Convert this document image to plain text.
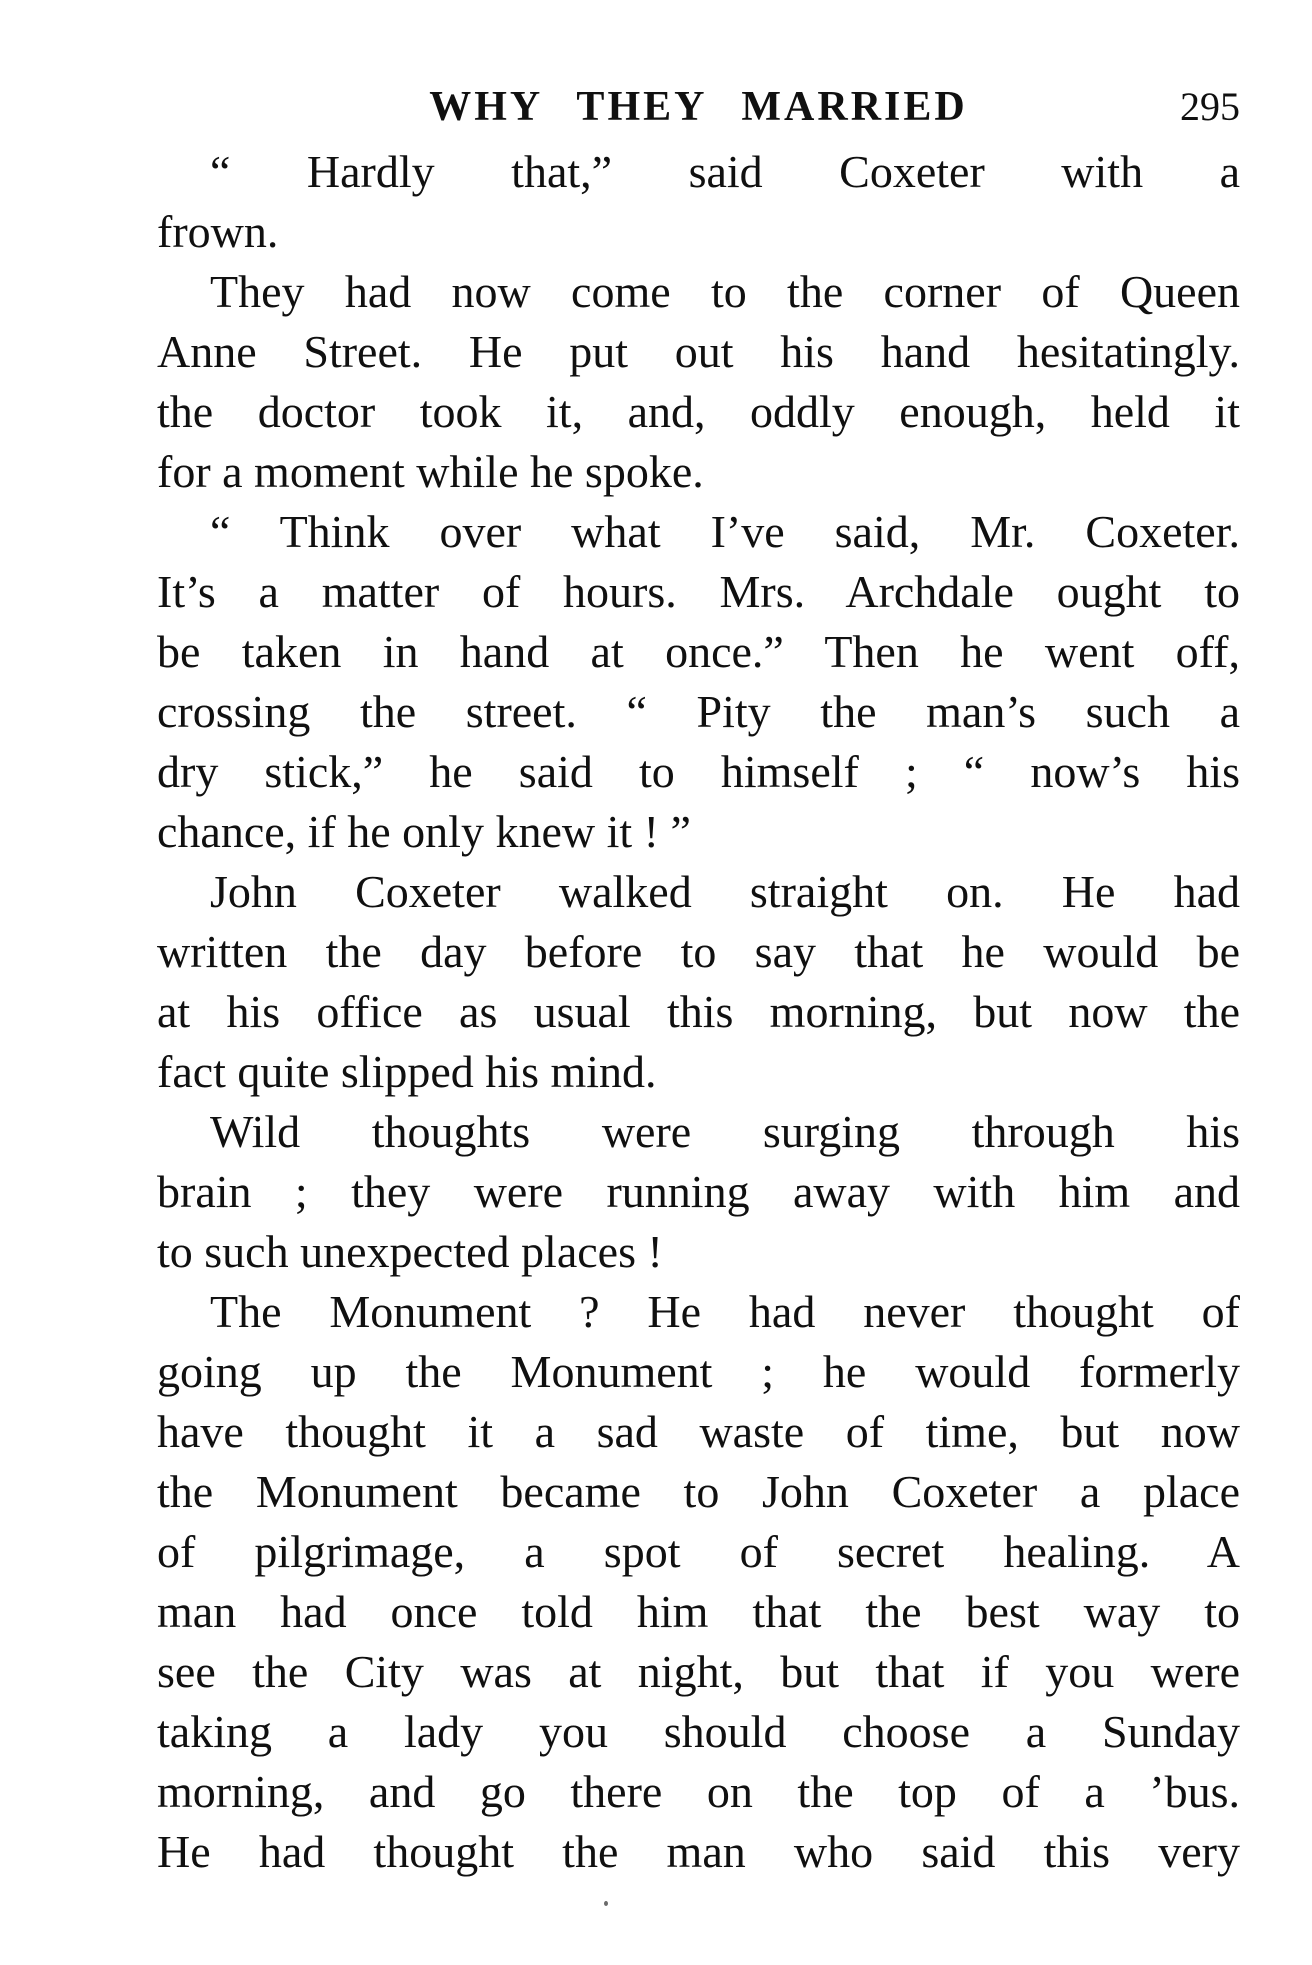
WHY THEY MARRIED	295
“ Hardly that,” said Coxeter with a
frown.
They had now come to the corner of Queen
Anne Street. He put out his hand hesitatingly.
the doctor took it, and, oddly enough, held it
for a moment while he spoke.
“ Think over what I’ve said, Mr. Coxeter.
It’s a matter of hours. Mrs. Archdale ought to
be taken in hand at once.” Then he went off,
crossing the street. “ Pity the man’s such a
dry stick,” he said to himself ; “ now’s his
chance, if he only knew it ! ”
John Coxeter walked straight on. He had
written the day before to say that he would be
at his office as usual this morning, but now the
fact quite slipped his mind.
Wild thoughts were surging through his
brain ; they were running away with him and
to such unexpected places !
The Monument ? He had never thought of
going up the Monument ; he would formerly
have thought it a sad waste of time, but now
the Monument became to John Coxeter a place
of pilgrimage, a spot of secret healing. A
man had once told him that the best way to
see the City was at night, but that if you were
taking a lady you should choose a Sunday
morning, and go there on the top of a ’bus.
He had thought the man who said this very
